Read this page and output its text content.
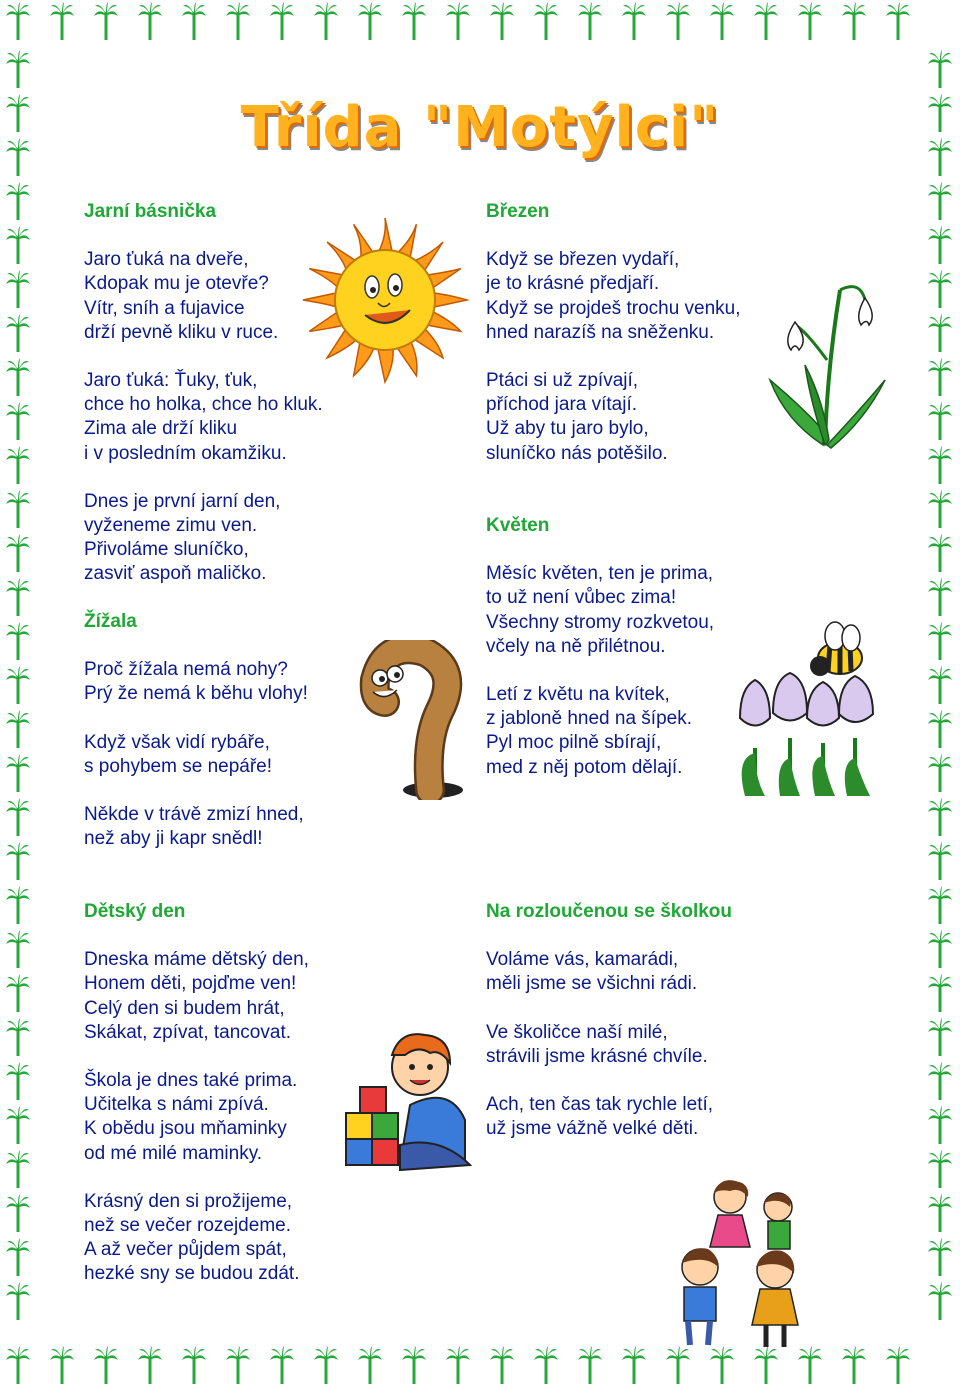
Třída "Motýlci"
Jarní básnička
Jaro ťuká na dveře,
Kdopak mu je otevře?
Vítr, sníh a fujavice
drží pevně kliku v ruce.
Jaro ťuká: Ťuky, ťuk,
chce ho holka, chce ho kluk.
Zima ale drží kliku
i v posledním okamžiku.
Dnes je první jarní den,
vyženeme zimu ven.
Přivoláme sluníčko,
zasviť aspoň maličko.
Žížala
Proč žížala nemá nohy?
Prý že nemá k běhu vlohy!
Když však vidí rybáře,
s pohybem se nepáře!
Někde v trávě zmizí hned,
než aby ji kapr snědl!
Březen
Když se březen vydaří,
je to krásné předjaří.
Když se projdeš trochu venku,
hned narazíš na sněženku.
Ptáci si už zpívají,
příchod jara vítají.
Už aby tu jaro bylo,
sluníčko nás potěšilo.
Květen
Měsíc květen, ten je prima,
to už není vůbec zima!
Všechny stromy rozkvetou,
včely na ně přilétnou.
Letí z květu na kvítek,
z jabloně hned na šípek.
Pyl moc pilně sbírají,
med z něj potom dělají.
Dětský den
Dneska máme dětský den,
Honem děti, pojďme ven!
Celý den si budem hrát,
Skákat, zpívat, tancovat.
Škola je dnes také prima.
Učitelka s námi zpívá.
K obědu jsou mňaminky
od mé milé maminky.
Krásný den si prožijeme,
než se večer rozejdeme.
A až večer půjdem spát,
hezké sny se budou zdát.
Na rozloučenou se školkou
Voláme vás, kamarádi,
měli jsme se všichni rádi.
Ve školičce naší milé,
strávili jsme krásné chvíle.
Ach, ten čas tak rychle letí,
už jsme vážně velké děti.
